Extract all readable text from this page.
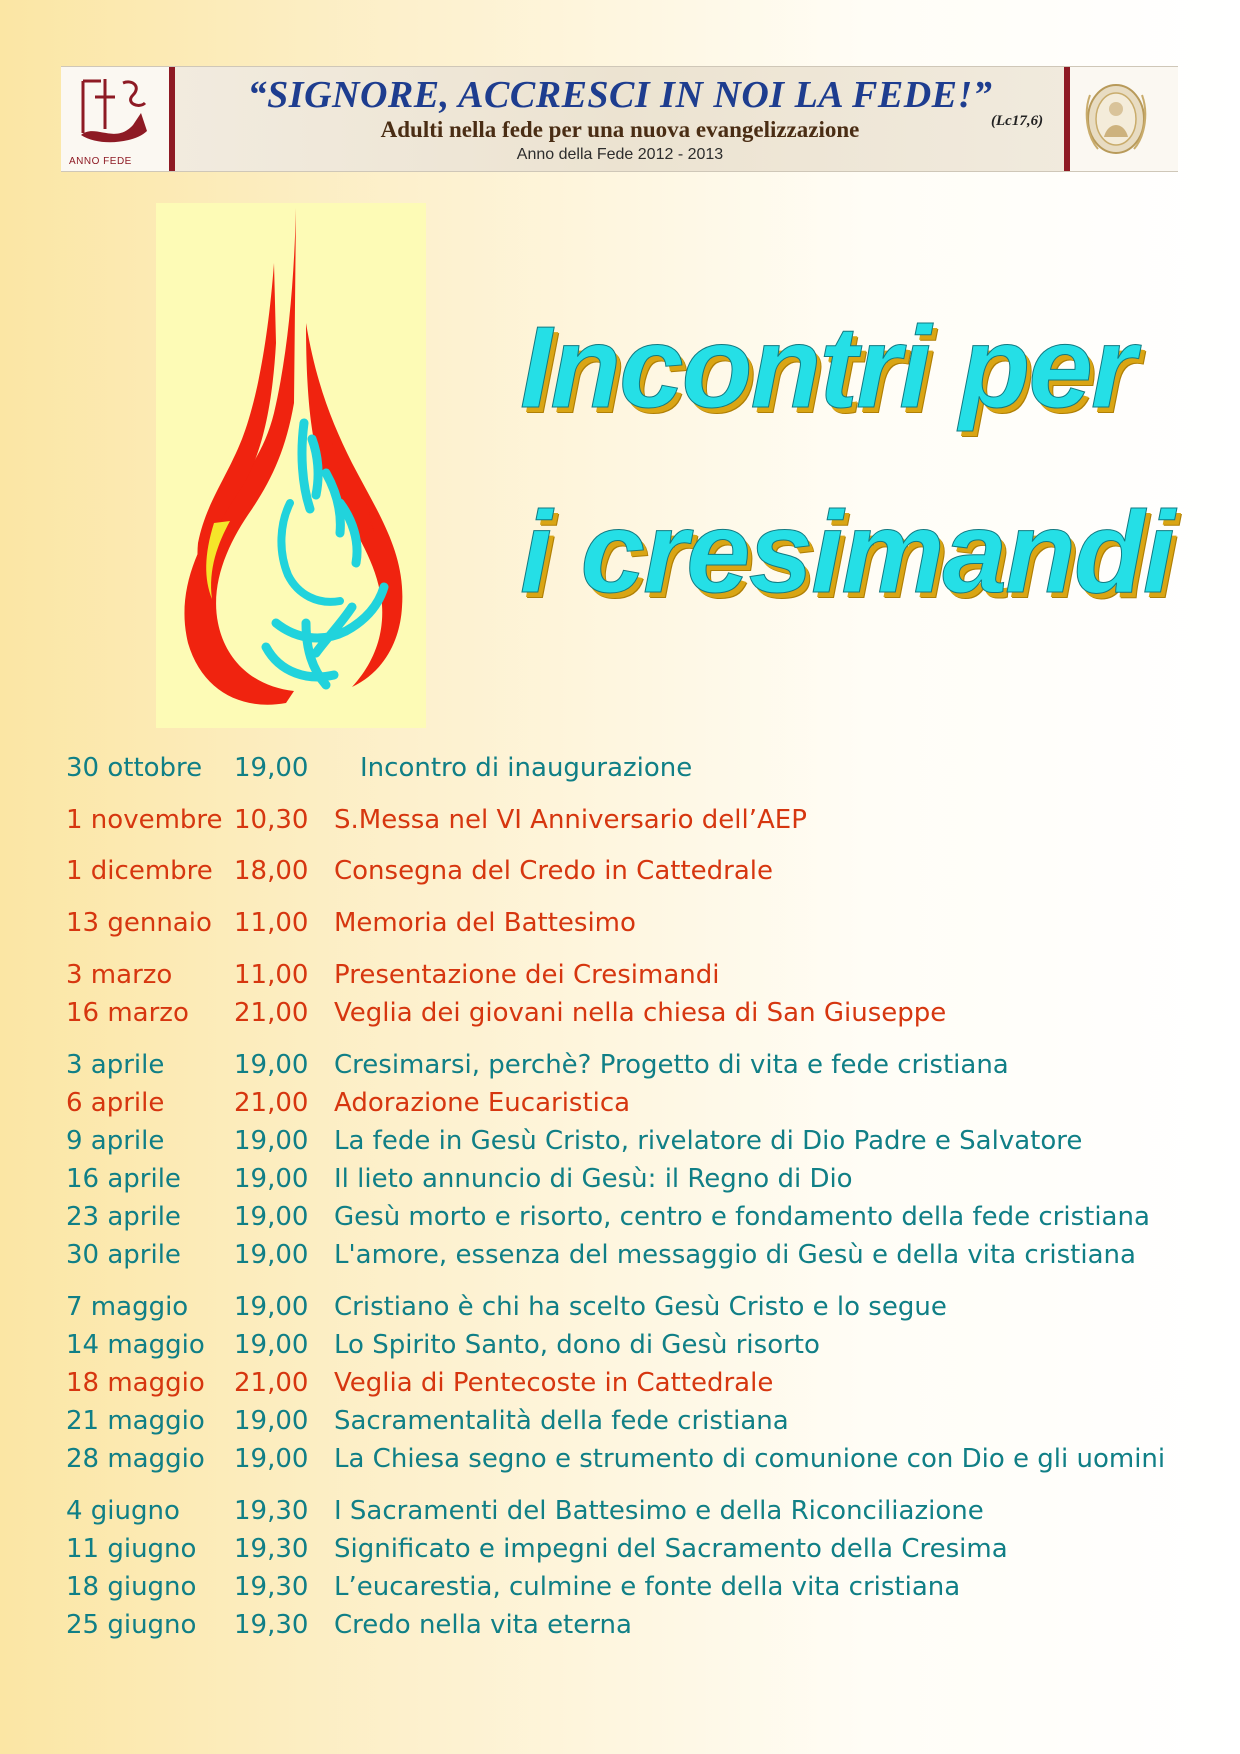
ANNO FEDE
“SIGNORE, ACCRESCI IN NOI LA FEDE!”
Adulti nella fede per una nuova evangelizzazione	(Lc17,6)
Anno della Fede 2012 - 2013
Incontri per
i cresimandi
30 ottobre 19,00 Incontro di inaugurazione
1 novembre 10,30 S.Messa nel VI Anniversario dell’AEP
1 dicembre 18,00 Consegna del Credo in Cattedrale
13 gennaio 11,00 Memoria del Battesimo
3 marzo 11,00 Presentazione dei Cresimandi
16 marzo 21,00 Veglia dei giovani nella chiesa di San Giuseppe
3 aprile	19,00 Cresimarsi, perchè? Progetto di vita e fede cristiana
6 aprile	21,00 Adorazione Eucaristica
9 aprile	19,00 La fede in Gesù Cristo, rivelatore di Dio Padre e Salvatore
16 aprile 19,00 Il lieto annuncio di Gesù: il Regno di Dio
23 aprile 19,00 Gesù morto e risorto, centro e fondamento della fede cristiana
30 aprile 19,00 L'amore, essenza del messaggio di Gesù e della vita cristiana
7 maggio 19,00 Cristiano è chi ha scelto Gesù Cristo e lo segue
14 maggio 19,00 Lo Spirito Santo, dono di Gesù risorto
18 maggio 21,00 Veglia di Pentecoste in Cattedrale
21 maggio 19,00 Sacramentalità della fede cristiana
28 maggio 19,00 La Chiesa segno e strumento di comunione con Dio e gli uomini
4 giugno 19,30 I Sacramenti del Battesimo e della Riconciliazione
11 giugno 19,30 Significato e impegni del Sacramento della Cresima
18 giugno 19,30 L’eucarestia, culmine e fonte della vita cristiana
25 giugno 19,30 Credo nella vita eterna
